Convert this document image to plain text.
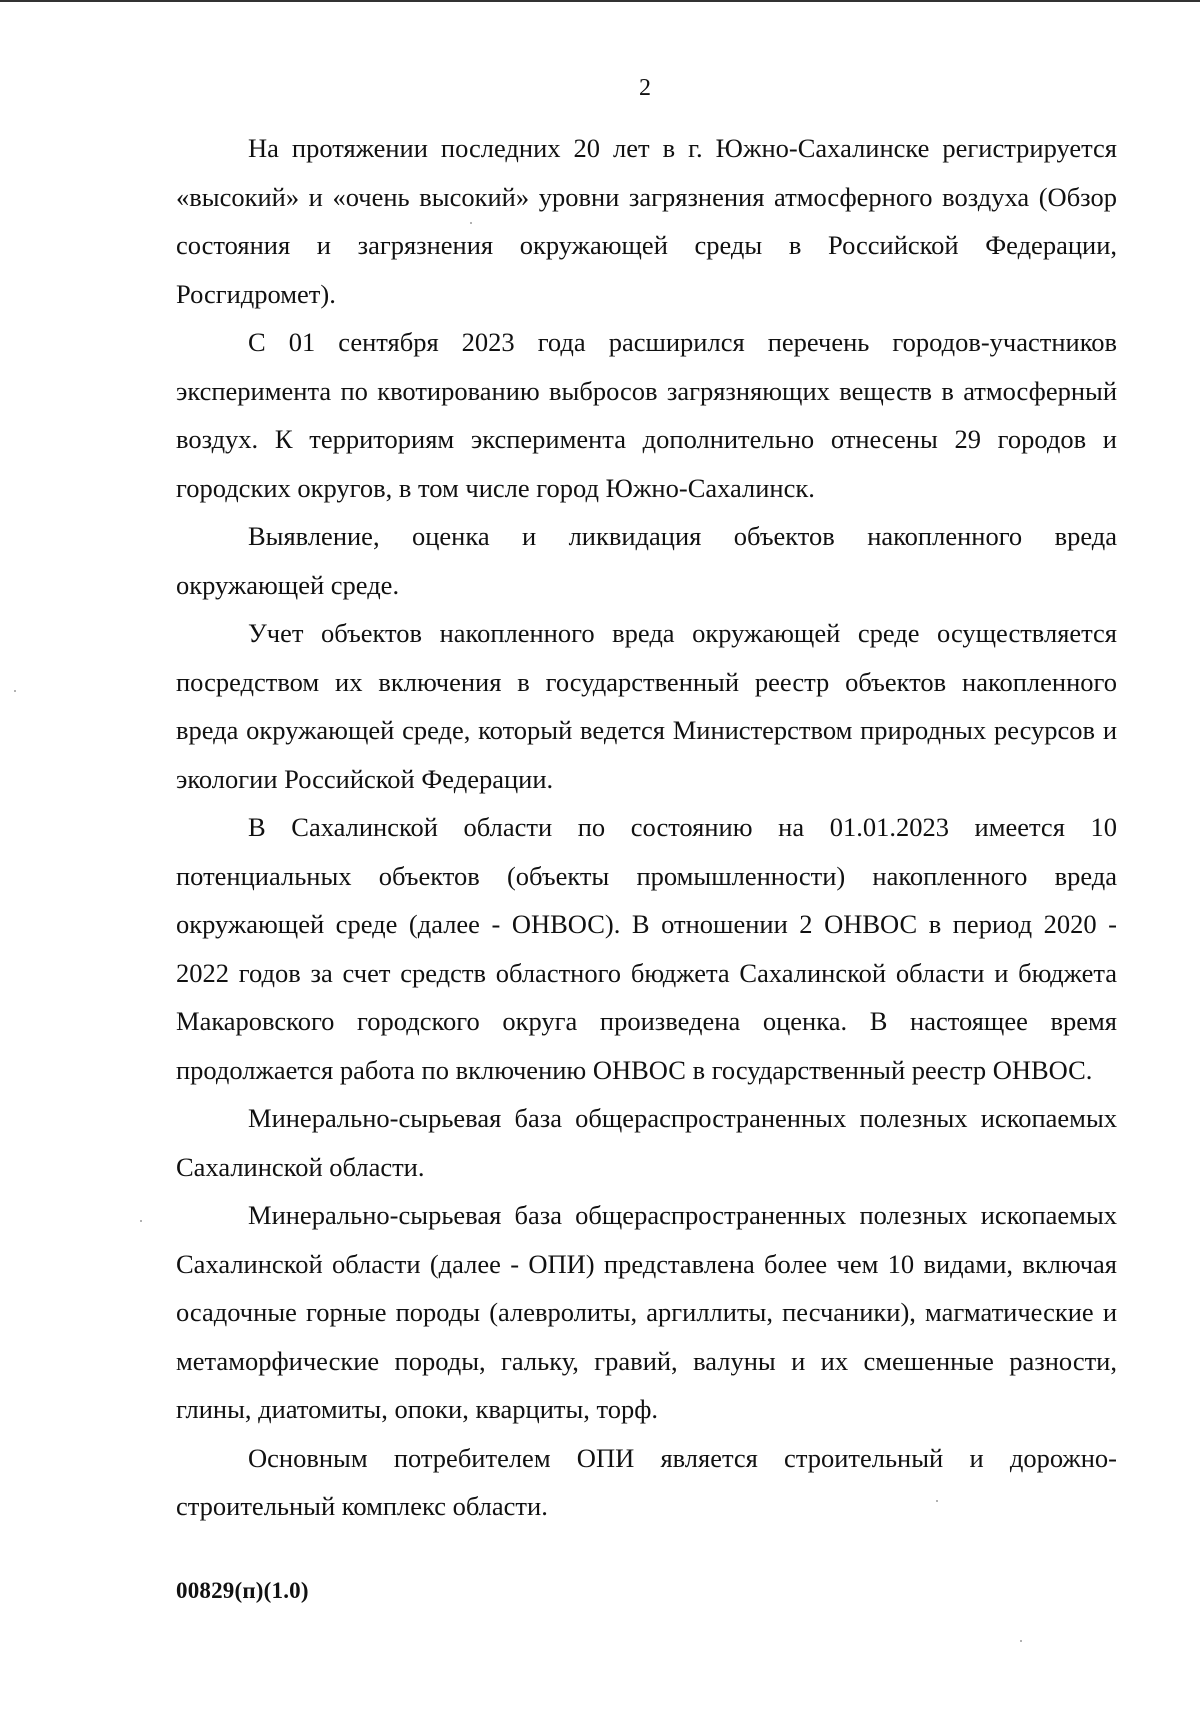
2

На протяжении последних 20 лет в г. Южно-Сахалинске регистрируется «высокий» и «очень высокий» уровни загрязнения атмосферного воздуха (Обзор состояния и загрязнения окружающей среды в Российской Федерации, Росгидромет).

С 01 сентября 2023 года расширился перечень городов-участников эксперимента по квотированию выбросов загрязняющих веществ в атмосферный воздух. К территориям эксперимента дополнительно отнесены 29 городов и городских округов, в том числе город Южно-Сахалинск.

Выявление, оценка и ликвидация объектов накопленного вреда окружающей среде.

Учет объектов накопленного вреда окружающей среде осуществляется посредством их включения в государственный реестр объектов накопленного вреда окружающей среде, который ведется Министерством природных ресурсов и экологии Российской Федерации.

В Сахалинской области по состоянию на 01.01.2023 имеется 10 потенциальных объектов (объекты промышленности) накопленного вреда окружающей среде (далее - ОНВОС). В отношении 2 ОНВОС в период 2020 - 2022 годов за счет средств областного бюджета Сахалинской области и бюджета Макаровского городского округа произведена оценка. В настоящее время продолжается работа по включению ОНВОС в государственный реестр ОНВОС.

Минерально-сырьевая база общераспространенных полезных ископаемых Сахалинской области.

Минерально-сырьевая база общераспространенных полезных ископаемых Сахалинской области (далее - ОПИ) представлена более чем 10 видами, включая осадочные горные породы (алевролиты, аргиллиты, песчаники), магматические и метаморфические породы, гальку, гравий, валуны и их смешенные разности, глины, диатомиты, опоки, кварциты, торф.

Основным потребителем ОПИ является строительный и дорожно-строительный комплекс области.

00829(п)(1.0)
